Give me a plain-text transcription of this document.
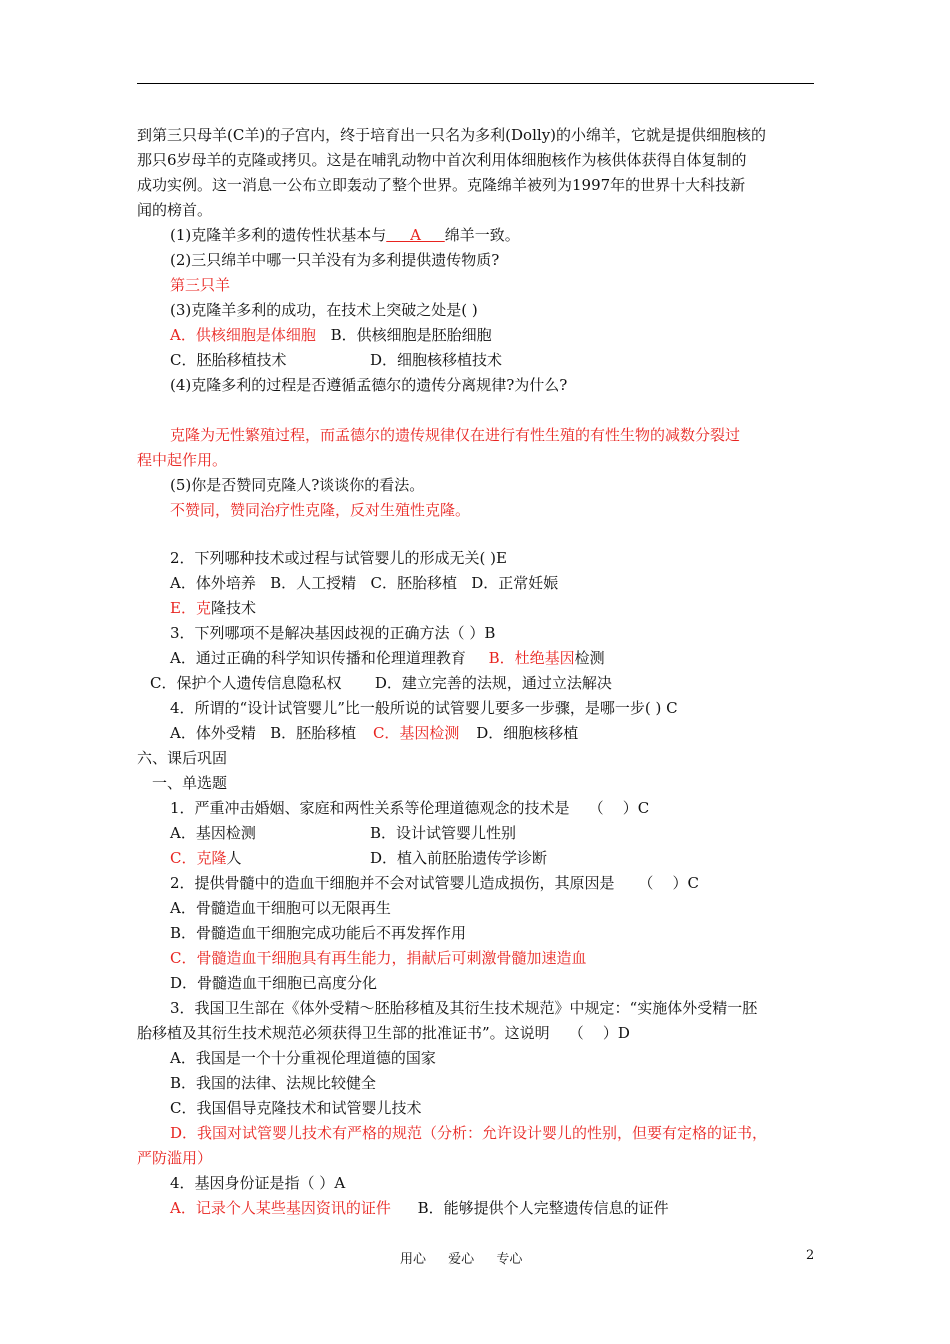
到第三只母羊(C羊)的子宫内，终于培育出一只名为多利(Dolly)的小绵羊，它就是提供细胞核的
那只6岁母羊的克隆或拷贝。这是在哺乳动物中首次利用体细胞核作为核供体获得自体复制的
成功实例。这一消息一公布立即轰动了整个世界。克隆绵羊被列为1997年的世界十大科技新
闻的榜首。
(1)克隆羊多利的遗传性状基本与     A     绵羊一致。
(2)三只绵羊中哪一只羊没有为多利提供遗传物质?
第三只羊
(3)克隆羊多利的成功，在技术上突破之处是( )
A．供核细胞是体细胞 B．供核细胞是胚胎细胞
C．胚胎移植技术	D．细胞核移植技术
(4)克隆多利的过程是否遵循孟德尔的遗传分离规律?为什么?
克隆为无性繁殖过程，而孟德尔的遗传规律仅在进行有性生殖的有性生物的减数分裂过
程中起作用。
(5)你是否赞同克隆人?谈谈你的看法。
不赞同，赞同治疗性克隆，反对生殖性克隆。
2．下列哪种技术或过程与试管婴儿的形成无关( )E
A．体外培养   B．人工授精   C．胚胎移植   D．正常妊娠
E．克隆技术
3．下列哪项不是解决基因歧视的正确方法（ ）B
A．通过正确的科学知识传播和伦理道理教育 B．杜绝基因检测
C．保护个人遗传信息隐私权       D．建立完善的法规，通过立法解决
4．所谓的“设计试管婴儿”比一般所说的试管婴儿要多一步骤，是哪一步( ) C
A．体外受精   B．胚胎移植 C．基因检测 D．细胞核移植
六、课后巩固
一、单选题
1．严重冲击婚姻、家庭和两性关系等伦理道德观念的技术是    （    ）C
A．基因检测	B．设计试管婴儿性别
C．克隆人	D．植入前胚胎遗传学诊断
2．提供骨髓中的造血干细胞并不会对试管婴儿造成损伤，其原因是     （    ）C
A．骨髓造血干细胞可以无限再生
B．骨髓造血干细胞完成功能后不再发挥作用
C．骨髓造血干细胞具有再生能力，捐献后可刺激骨髓加速造血
D．骨髓造血干细胞已高度分化
3．我国卫生部在《体外受精～胚胎移植及其衍生技术规范》中规定：“实施体外受精一胚
胎移植及其衍生技术规范必须获得卫生部的批准证书”。这说明    （    ）D
A．我国是一个十分重视伦理道德的国家
B．我国的法律、法规比较健全
C．我国倡导克隆技术和试管婴儿技术
D．我国对试管婴儿技术有严格的规范（分析：允许设计婴儿的性别，但要有定格的证书，
严防滥用）
4．基因身份证是指（ ）A
A．记录个人某些基因资讯的证件 B．能够提供个人完整遗传信息的证件
用心 爱心 专心	2
